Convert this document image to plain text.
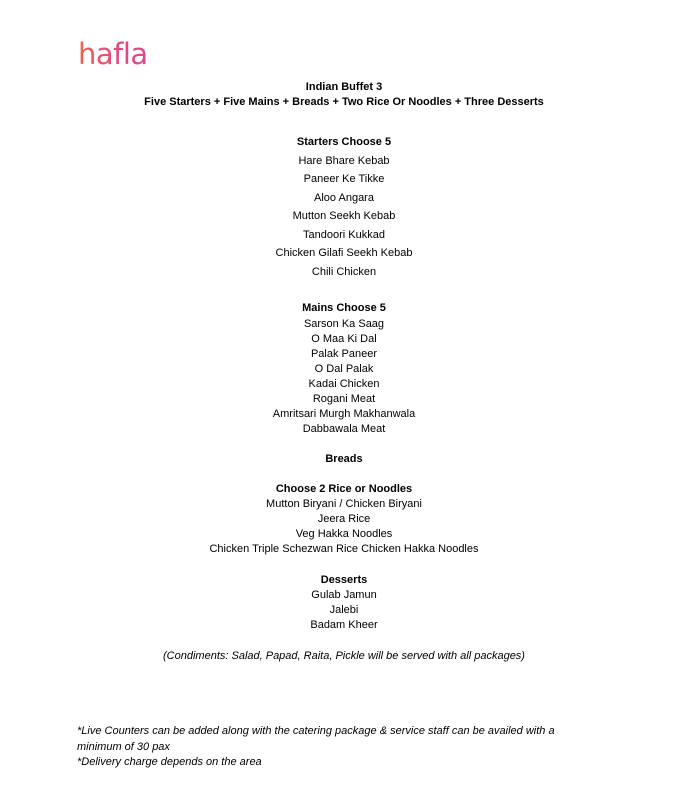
hafla
Indian Buffet 3
Five Starters + Five Mains + Breads + Two Rice Or Noodles + Three Desserts
Starters Choose 5
Hare Bhare Kebab
Paneer Ke Tikke
Aloo Angara
Mutton Seekh Kebab
Tandoori Kukkad
Chicken Gilafi Seekh Kebab
Chili Chicken
Mains Choose 5
Sarson Ka Saag
O Maa Ki Dal
Palak Paneer
O Dal Palak
Kadai Chicken
Rogani Meat
Amritsari Murgh Makhanwala
Dabbawala Meat
Breads
Choose 2 Rice or Noodles
Mutton Biryani / Chicken Biryani
Jeera Rice
Veg Hakka Noodles
Chicken Triple Schezwan Rice Chicken Hakka Noodles
Desserts
Gulab Jamun
Jalebi
Badam Kheer
(Condiments: Salad, Papad, Raita, Pickle will be served with all packages)
*Live Counters can be added along with the catering package & service staff can be availed with a minimum of 30 pax
*Delivery charge depends on the area
